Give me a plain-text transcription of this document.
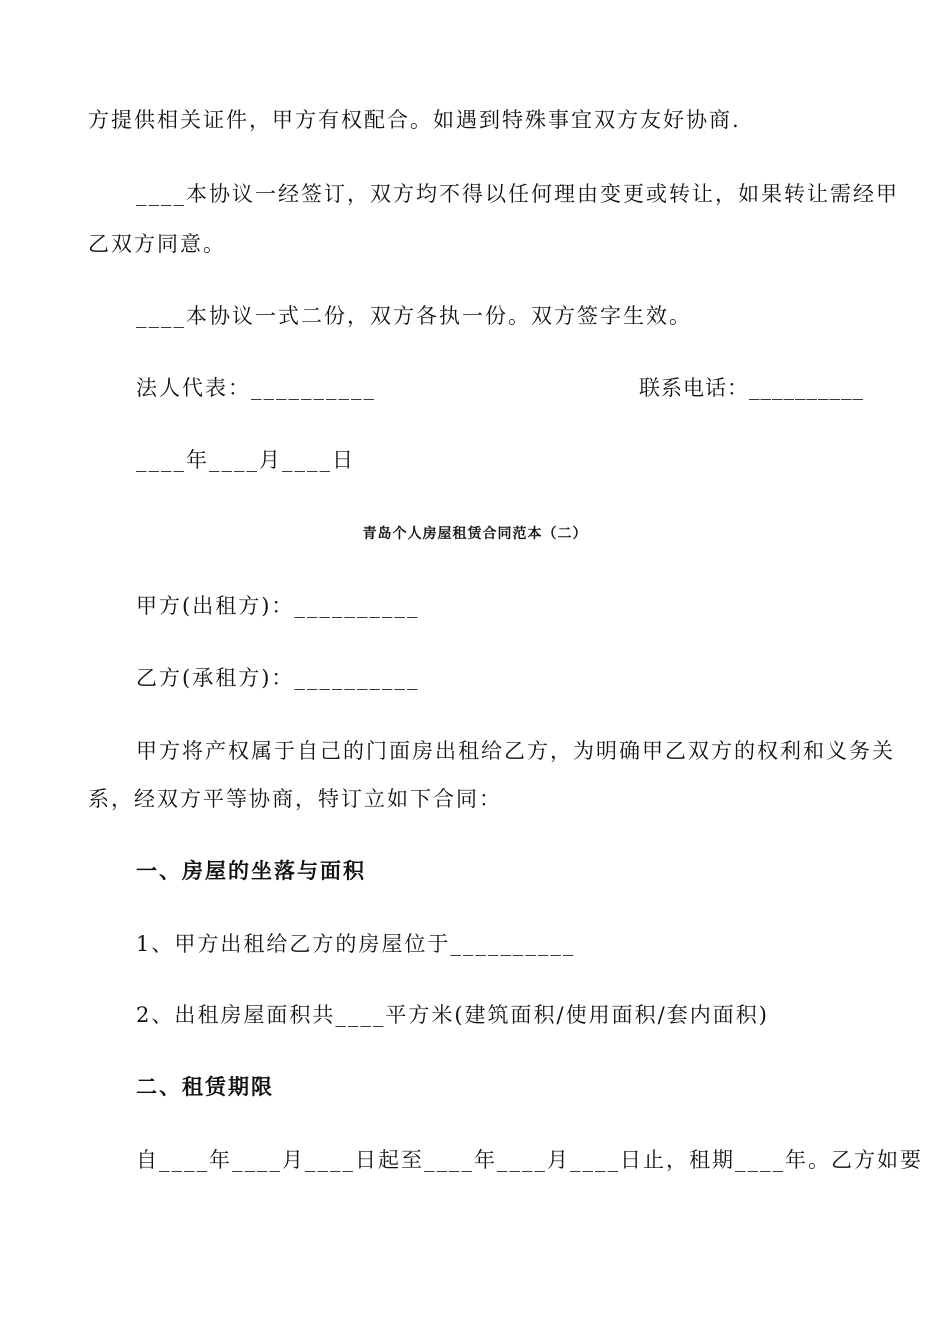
方提供相关证件，甲方有权配合。如遇到特殊事宜双方友好协商.
____本协议一经签订，双方均不得以任何理由变更或转让，如果转让需经甲
乙双方同意。
____本协议一式二份，双方各执一份。双方签字生效。
法人代表：__________	联系电话：__________
____年____月____日
青岛个人房屋租赁合同范本（二）
甲方(出租方)：__________
乙方(承租方)：__________
甲方将产权属于自己的门面房出租给乙方，为明确甲乙双方的权利和义务关
系，经双方平等协商，特订立如下合同：
一、房屋的坐落与面积
1、甲方出租给乙方的房屋位于__________
2、出租房屋面积共____平方米(建筑面积/使用面积/套内面积)
二、租赁期限
自____年____月____日起至____年____月____日止，租期____年。乙方如要
